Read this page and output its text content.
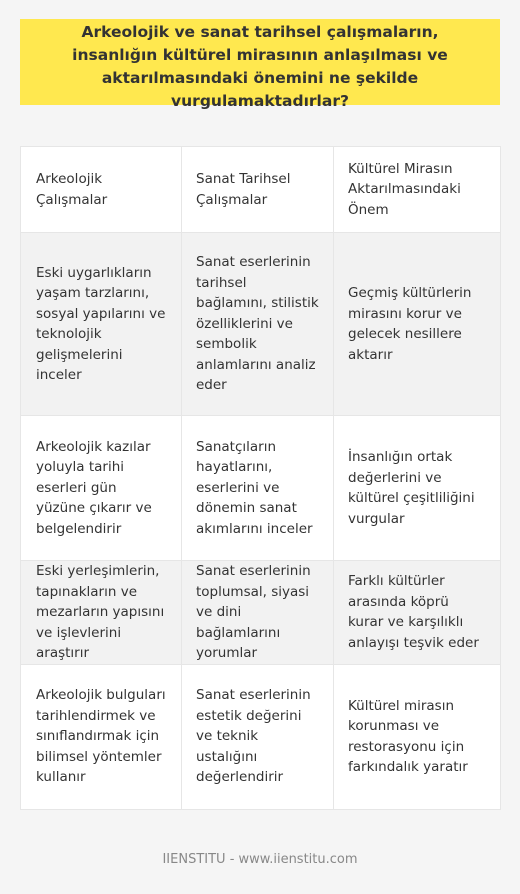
Arkeolojik ve sanat tarihsel çalışmaların, insanlığın kültürel mirasının anlaşılması ve aktarılmasındaki önemini ne şekilde vurgulamaktadırlar?

Arkeolojik Çalışmalar	Sanat Tarihsel Çalışmalar	Kültürel Mirasın Aktarılmasındaki Önem
Eski uygarlıkların yaşam tarzlarını, sosyal yapılarını ve teknolojik gelişmelerini inceler	Sanat eserlerinin tarihsel bağlamını, stilistik özelliklerini ve sembolik anlamlarını analiz eder	Geçmiş kültürlerin mirasını korur ve gelecek nesillere aktarır
Arkeolojik kazılar yoluyla tarihi eserleri gün yüzüne çıkarır ve belgelendirir	Sanatçıların hayatlarını, eserlerini ve dönemin sanat akımlarını inceler	İnsanlığın ortak değerlerini ve kültürel çeşitliliğini vurgular
Eski yerleşimlerin, tapınakların ve mezarların yapısını ve işlevlerini araştırır	Sanat eserlerinin toplumsal, siyasi ve dini bağlamlarını yorumlar	Farklı kültürler arasında köprü kurar ve karşılıklı anlayışı teşvik eder
Arkeolojik bulguları tarihlendirmek ve sınıflandırmak için bilimsel yöntemler kullanır	Sanat eserlerinin estetik değerini ve teknik ustalığını değerlendirir	Kültürel mirasın korunması ve restorasyonu için farkındalık yaratır
IIENSTITU - www.iienstitu.com
